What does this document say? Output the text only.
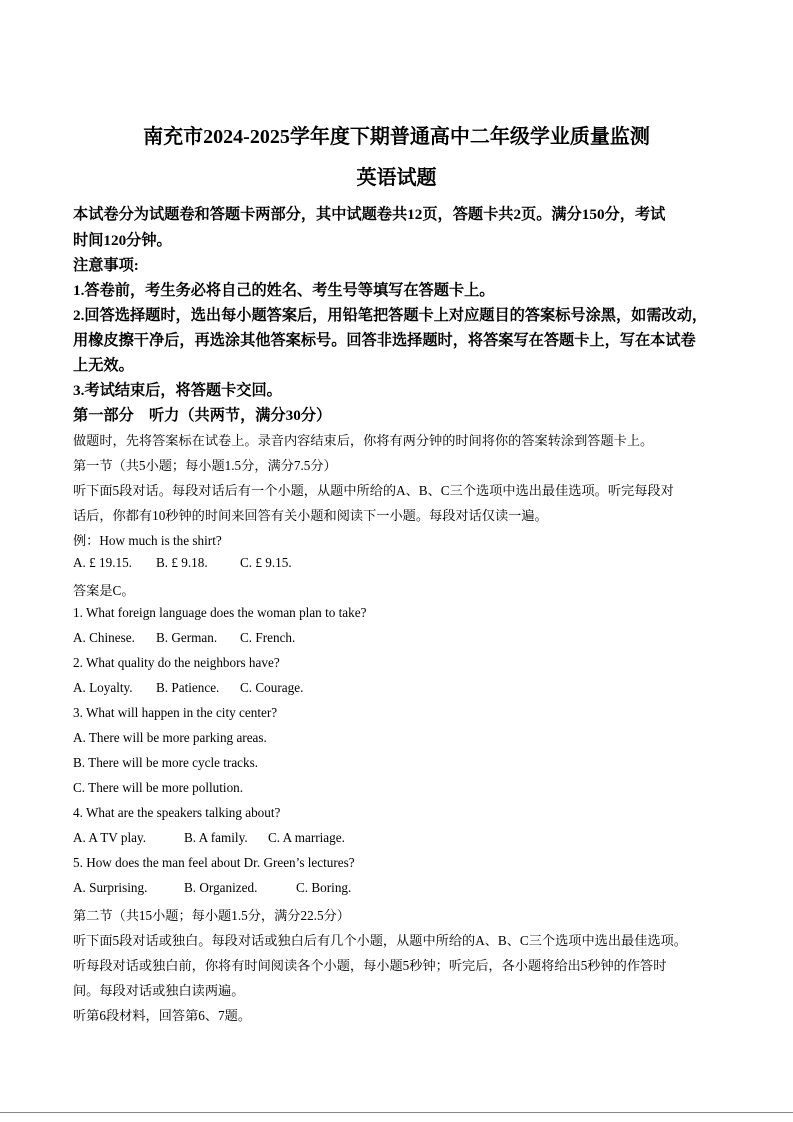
南充市2024-2025学年度下期普通高中二年级学业质量监测
英语试题
本试卷分为试题卷和答题卡两部分，其中试题卷共12页，答题卡共2页。满分150分，考试
时间120分钟。
注意事项:
1.答卷前，考生务必将自己的姓名、考生号等填写在答题卡上。
2.回答选择题时，选出每小题答案后，用铅笔把答题卡上对应题目的答案标号涂黑，如需改动，
用橡皮擦干净后，再选涂其他答案标号。回答非选择题时，将答案写在答题卡上，写在本试卷
上无效。
3.考试结束后，将答题卡交回。
第一部分　听力（共两节，满分30分）
做题时，先将答案标在试卷上。录音内容结束后，你将有两分钟的时间将你的答案转涂到答题卡上。
第一节（共5小题；每小题1.5分，满分7.5分）
听下面5段对话。每段对话后有一个小题，从题中所给的A、B、C三个选项中选出最佳选项。听完每段对
话后，你都有10秒钟的时间来回答有关小题和阅读下一小题。每段对话仅读一遍。
例：How much is the shirt?
A. £ 19.15. B. £ 9.18. C. £ 9.15.
答案是C。
1. What foreign language does the woman plan to take?
A. Chinese. B. German. C. French.
2. What quality do the neighbors have?
A. Loyalty. B. Patience. C. Courage.
3. What will happen in the city center?
A. There will be more parking areas.
B. There will be more cycle tracks.
C. There will be more pollution.
4. What are the speakers talking about?
A. A TV play.	B. A family. C. A marriage.
5. How does the man feel about Dr. Green’s lectures?
A. Surprising.	B. Organized.	C. Boring.
第二节（共15小题；每小题1.5分，满分22.5分）
听下面5段对话或独白。每段对话或独白后有几个小题，从题中所给的A、B、C三个选项中选出最佳选项。
听每段对话或独白前，你将有时间阅读各个小题，每小题5秒钟；听完后，各小题将给出5秒钟的作答时
间。每段对话或独白读两遍。
听第6段材料，回答第6、7题。
